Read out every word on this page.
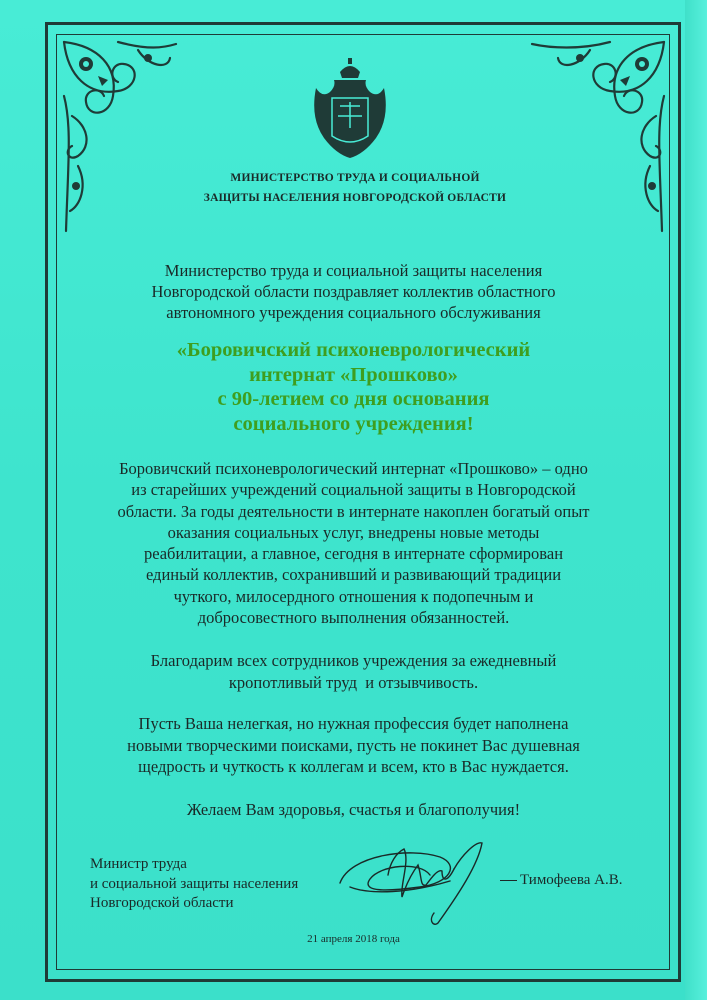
МИНИСТЕРСТВО ТРУДА И СОЦИАЛЬНОЙ
ЗАЩИТЫ НАСЕЛЕНИЯ НОВГОРОДСКОЙ ОБЛАСТИ
Министерство труда и социальной защиты населения
Новгородской области поздравляет коллектив областного
автономного учреждения социального обслуживания
«Боровичский психоневрологический
интернат «Прошково»
с 90-летием со дня основания
социального учреждения!
Боровичский психоневрологический интернат «Прошково» – одно
из старейших учреждений социальной защиты в Новгородской
области. За годы деятельности в интернате накоплен богатый опыт
оказания социальных услуг, внедрены новые методы
реабилитации, а главное, сегодня в интернате сформирован
единый коллектив, сохранивший и развивающий традиции
чуткого, милосердного отношения к подопечным и
добросовестного выполнения обязанностей.
Благодарим всех сотрудников учреждения за ежедневный
кропотливый труд  и отзывчивость.
Пусть Ваша нелегкая, но нужная профессия будет наполнена
новыми творческими поисками, пусть не покинет Вас душевная
щедрость и чуткость к коллегам и всем, кто в Вас нуждается.
Желаем Вам здоровья, счастья и благополучия!
Министр труда
и социальной защиты населения
Новгородской области
Тимофеева А.В.
21 апреля 2018 года
